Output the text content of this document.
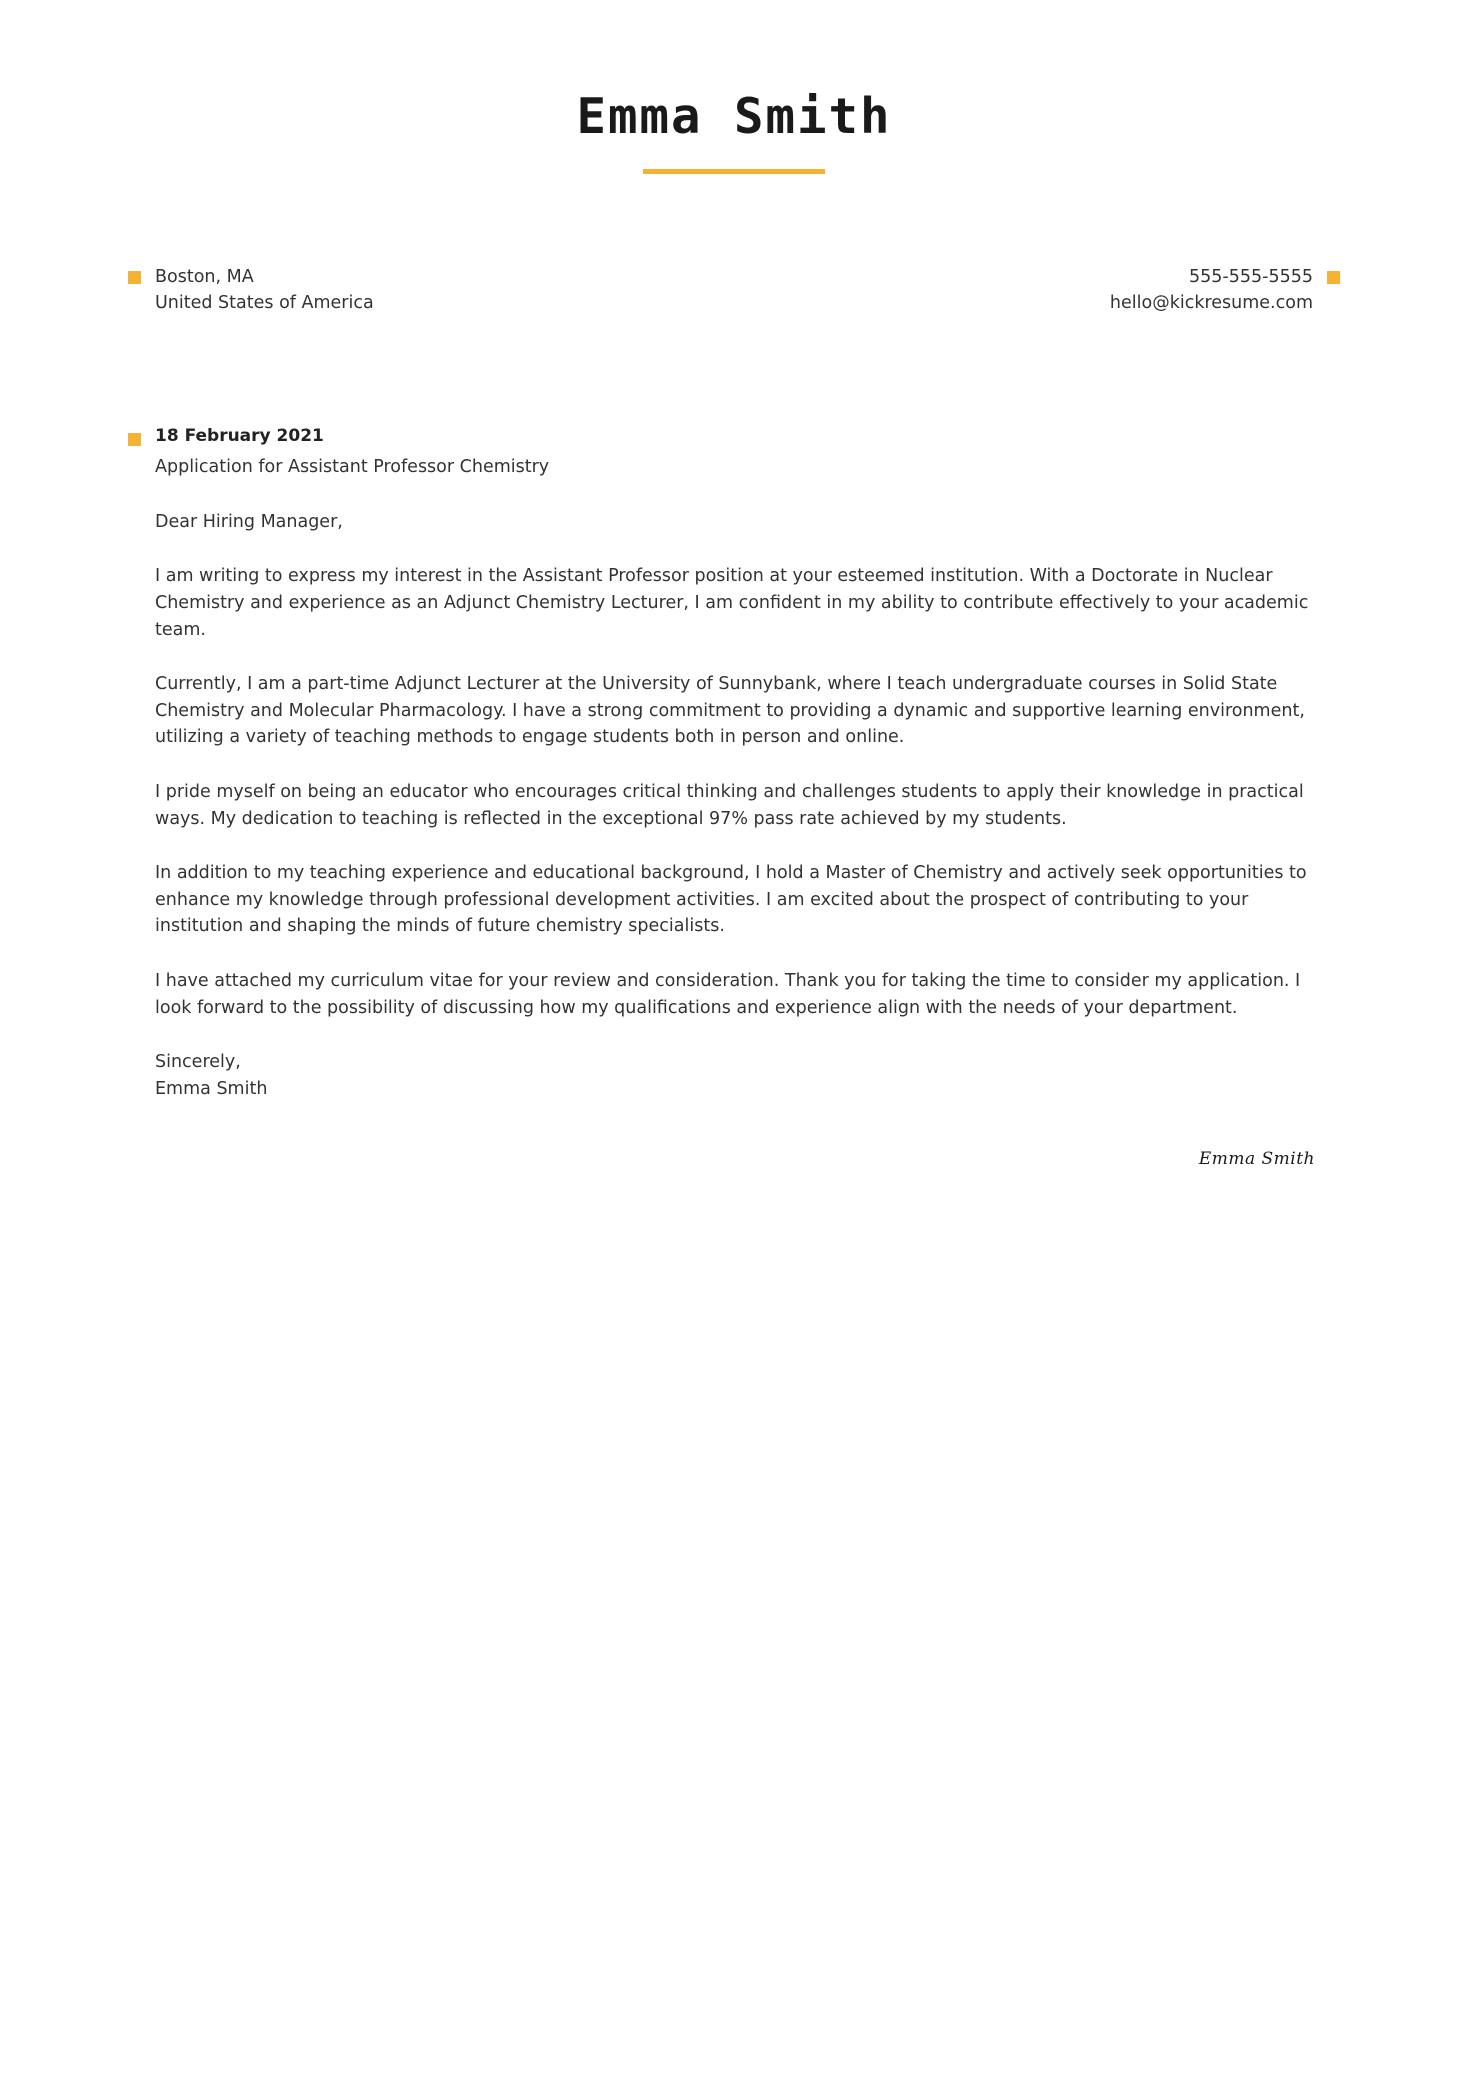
Emma Smith
Boston, MA
United States of America
555-555-5555
hello@kickresume.com
18 February 2021
Application for Assistant Professor Chemistry
Dear Hiring Manager,
I am writing to express my interest in the Assistant Professor position at your esteemed institution. With a Doctorate in Nuclear Chemistry and experience as an Adjunct Chemistry Lecturer, I am confident in my ability to contribute effectively to your academic team.
Currently, I am a part-time Adjunct Lecturer at the University of Sunnybank, where I teach undergraduate courses in Solid State Chemistry and Molecular Pharmacology. I have a strong commitment to providing a dynamic and supportive learning environment, utilizing a variety of teaching methods to engage students both in person and online.
I pride myself on being an educator who encourages critical thinking and challenges students to apply their knowledge in practical ways. My dedication to teaching is reflected in the exceptional 97% pass rate achieved by my students.
In addition to my teaching experience and educational background, I hold a Master of Chemistry and actively seek opportunities to enhance my knowledge through professional development activities. I am excited about the prospect of contributing to your institution and shaping the minds of future chemistry specialists.
I have attached my curriculum vitae for your review and consideration. Thank you for taking the time to consider my application. I look forward to the possibility of discussing how my qualifications and experience align with the needs of your department.
Sincerely,
Emma Smith
Emma Smith
